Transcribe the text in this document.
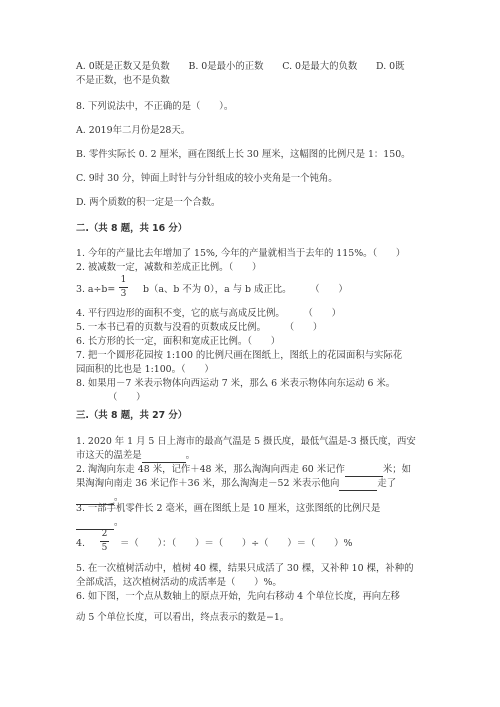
A. 0既是正数又是负数　　B. 0是最小的正数　　C. 0是最大的负数　　D. 0既
不是正数，也不是负数
8. 下列说法中，不正确的是（　　）。
A. 2019年二月份是28天。
B. 零件实际长 0. 2 厘米，画在图纸上长 30 厘米，这幅图的比例尺是 1：150。
C. 9时 30 分，钟面上时针与分针组成的较小夹角是一个钝角。
D. 两个质数的积一定是一个合数。
二.（共 8 题，共 16 分）
1. 今年的产量比去年增加了 15%, 今年的产量就相当于去年的 115%。（　　）
2. 被减数一定，减数和差成正比例。（　　）
3. a÷b=
1
3 b（a、b 不为 0），a 与 b 成正比。　　　（　　）
4. 平行四边形的面积不变，它的底与高成反比例。　　　（　　）
5. 一本书已看的页数与没看的页数成反比例。　　　（　　）
6. 长方形的长一定，面积和宽成正比例。（　　）
7. 把一个圆形花园按 1:100 的比例尺画在图纸上，图纸上的花园面积与实际花
园面积的比也是 1:100。（　　）
8. 如果用－7 米表示物体向西运动 7 米，那么 6 米表示物体向东运动 6 米。
（　　）
三.（共 8 题，共 27 分）
1. 2020 年 1 月 5 日上海市的最高气温是 5 摄氏度，最低气温是-3 摄氏度，西安
市这天的温差是	。
2. 淘淘向东走 48 米，记作＋48 米，那么淘淘向西走 60 米记作	米；如
果淘淘向南走 36 米记作＋36 米，那么淘淘走－52 米表示他向	走了
。
3. 一部手机零件长 2 毫米，画在图纸上是 10 厘米，这张图纸的比例尺是
。
4.
2
5 ＝（　　）：（　　）＝（　　）÷（　　）＝（　　）%
5. 在一次植树活动中，植树 40 棵，结果只成活了 30 棵，又补种 10 棵，补种的
全部成活，这次植树活动的成活率是（　　）%。
6. 如下图，一个点从数轴上的原点开始，先向右移动 4 个单位长度，再向左移
动 5 个单位长度，可以看出，终点表示的数是−1。
